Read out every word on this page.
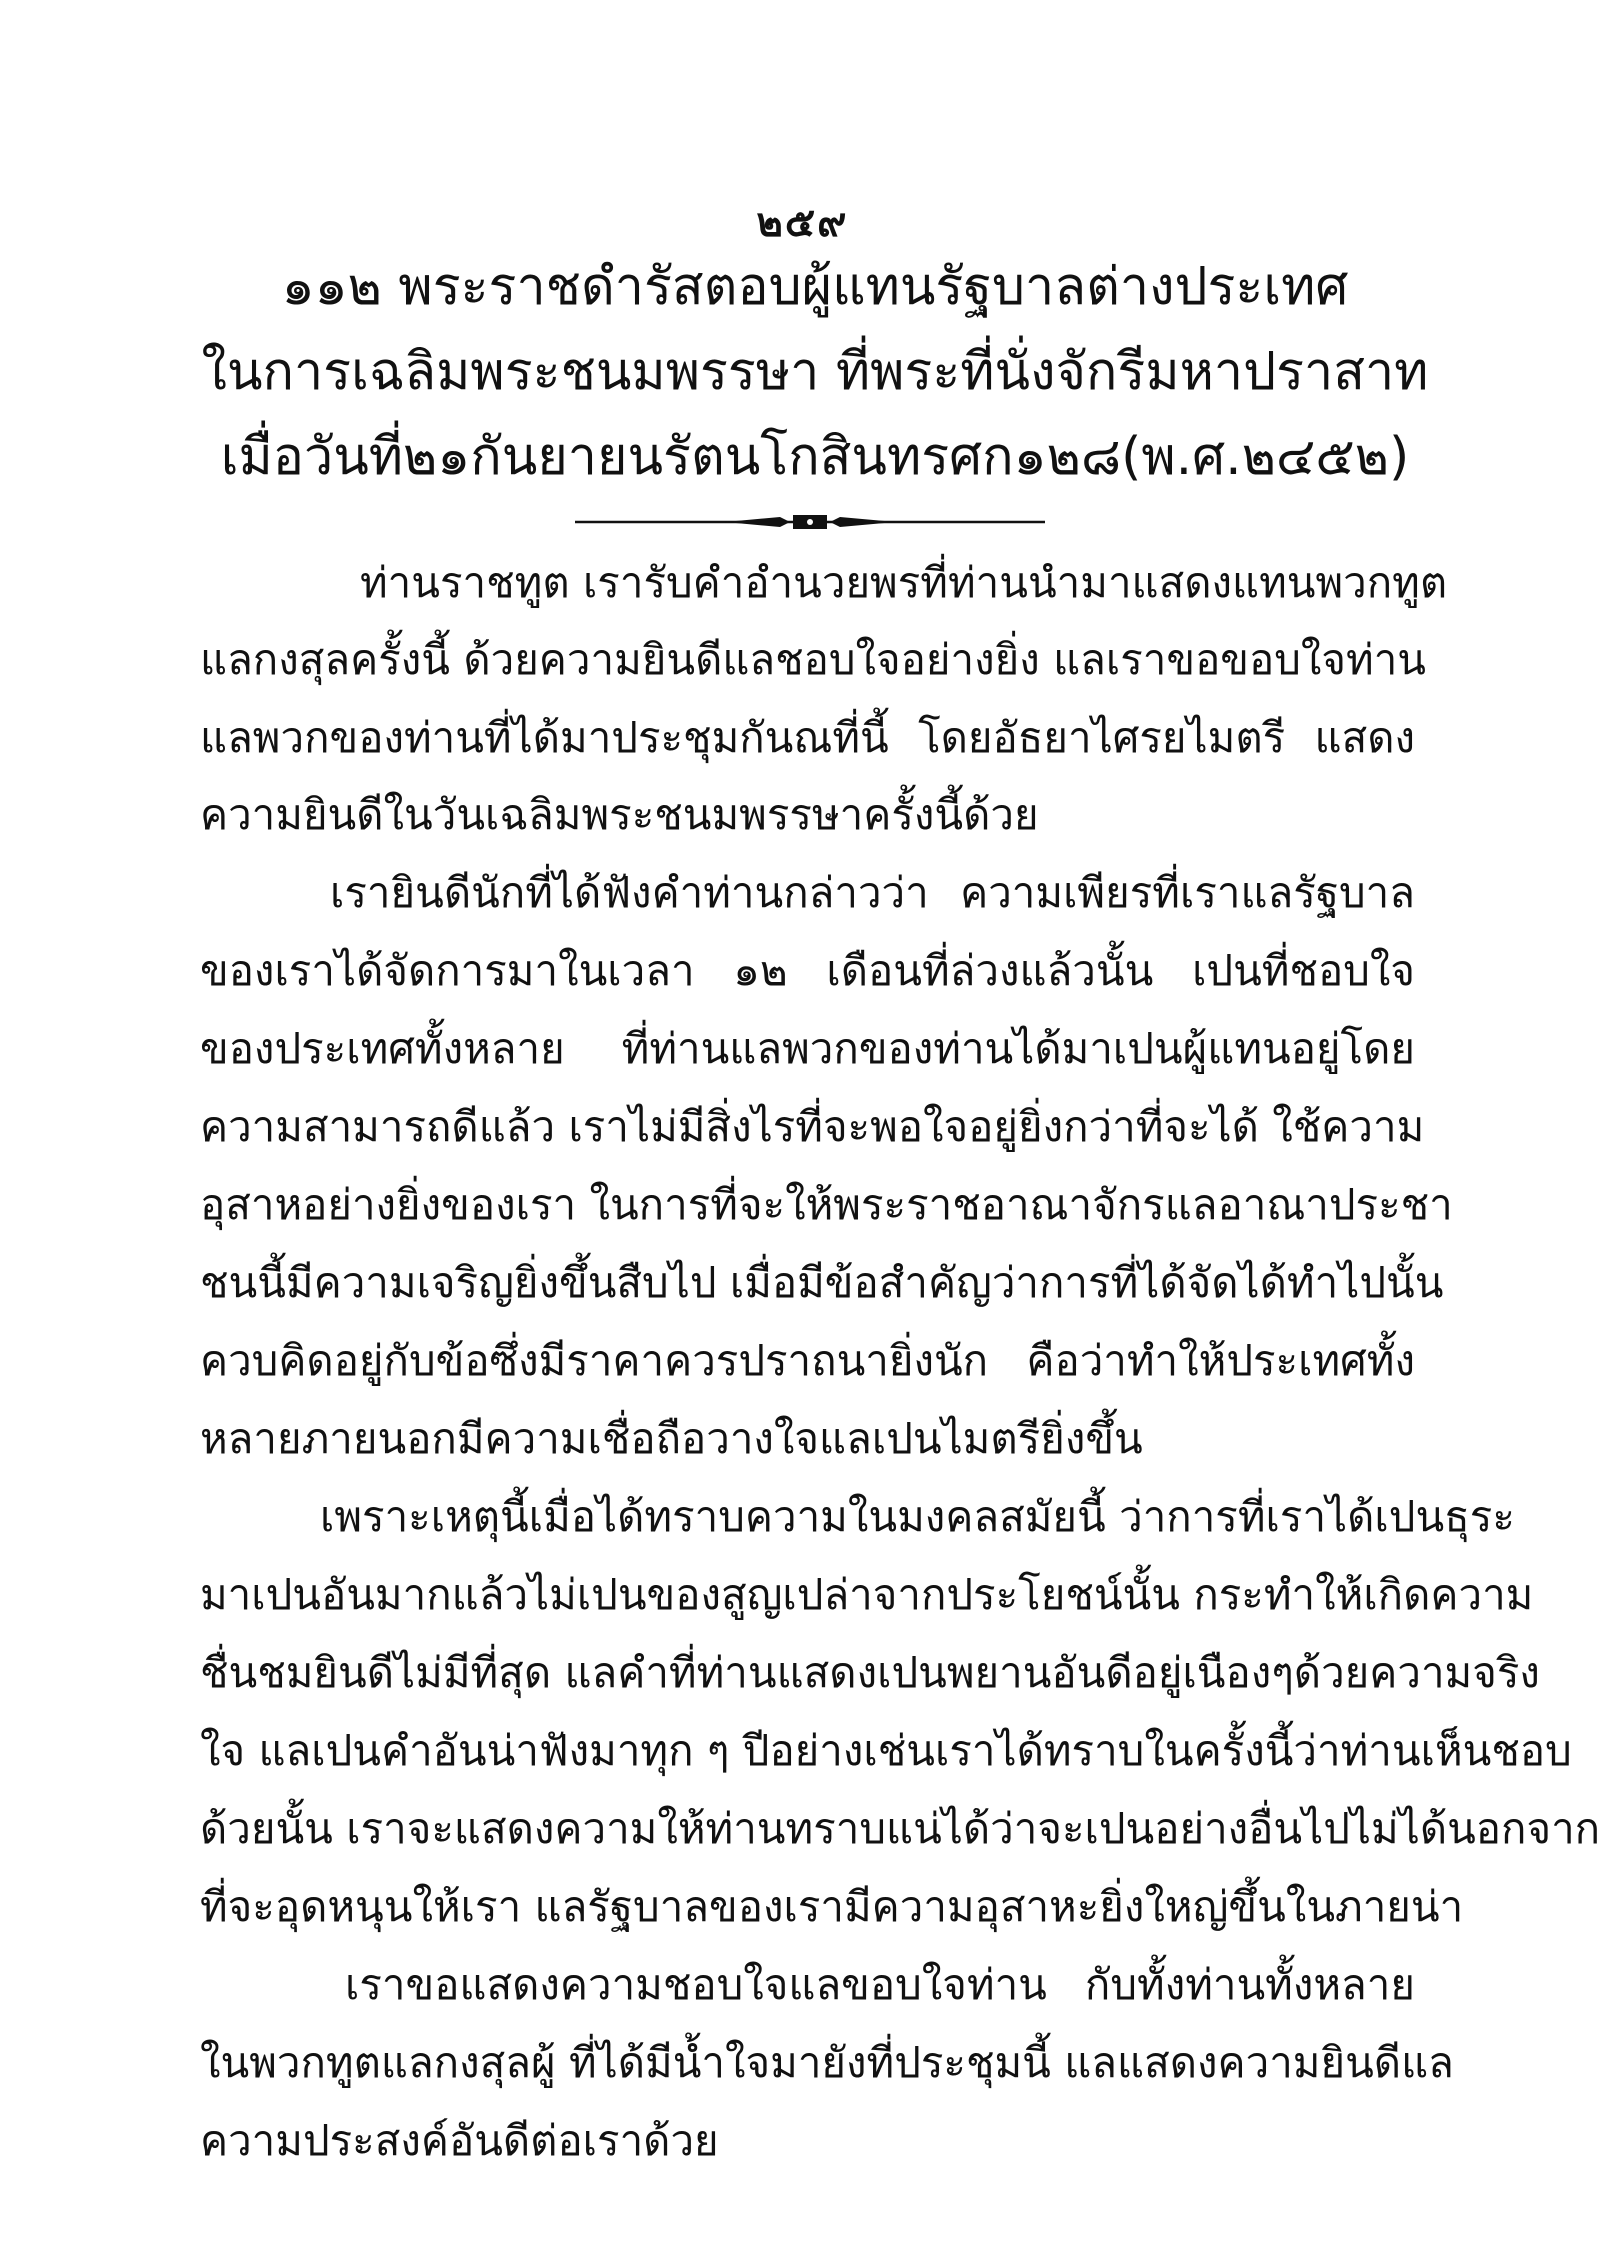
๒๕๙
๑๑๒ พระราชดำรัสตอบผู้แทนรัฐบาลต่างประเทศ
ในการเฉลิมพระชนมพรรษา ที่พระที่นั่งจักรีมหาปราสาท
เมื่อวันที่๒๑กันยายนรัตนโกสินทรศก๑๒๘(พ.ศ.๒๔๕๒)
ท่านราชทูต เรารับคำอำนวยพรที่ท่านนำมาแสดงแทนพวกทูต
แลกงสุลครั้งนี้ ด้วยความยินดีแลชอบใจอย่างยิ่ง แลเราขอขอบใจท่าน
แลพวกของท่านที่ได้มาประชุมกันณที่นี้ โดยอัธยาไศรยไมตรี แสดง
ความยินดีในวันเฉลิมพระชนมพรรษาครั้งนี้ด้วย
เรายินดีนักที่ได้ฟังคำท่านกล่าวว่า ความเพียรที่เราแลรัฐบาล
ของเราได้จัดการมาในเวลา ๑๒ เดือนที่ล่วงแล้วนั้น เปนที่ชอบใจ
ของประเทศทั้งหลาย ที่ท่านแลพวกของท่านได้มาเปนผู้แทนอยู่โดย
ความสามารถดีแล้ว เราไม่มีสิ่งไรที่จะพอใจอยู่ยิ่งกว่าที่จะได้ ใช้ความ
อุสาหอย่างยิ่งของเรา ในการที่จะให้พระราชอาณาจักรแลอาณาประชา
ชนนี้มีความเจริญยิ่งขึ้นสืบไป เมื่อมีข้อสำคัญว่าการที่ได้จัดได้ทำไปนั้น
ควบคิดอยู่กับข้อซึ่งมีราคาควรปราถนายิ่งนัก คือว่าทำให้ประเทศทั้ง
หลายภายนอกมีความเชื่อถือวางใจแลเปนไมตรียิ่งขึ้น
เพราะเหตุนี้เมื่อได้ทราบความในมงคลสมัยนี้ ว่าการที่เราได้เปนธุระ
มาเปนอันมากแล้วไม่เปนของสูญเปล่าจากประโยชน์นั้น กระทำให้เกิดความ
ชื่นชมยินดีไม่มีที่สุด แลคำที่ท่านแสดงเปนพยานอันดีอยู่เนืองๆด้วยความจริง
ใจ แลเปนคำอันน่าฟังมาทุก ๆ ปีอย่างเช่นเราได้ทราบในครั้งนี้ว่าท่านเห็นชอบ
ด้วยนั้น เราจะแสดงความให้ท่านทราบแน่ได้ว่าจะเปนอย่างอื่นไปไม่ได้นอกจาก
ที่จะอุดหนุนให้เรา แลรัฐบาลของเรามีความอุสาหะยิ่งใหญ่ขึ้นในภายน่า
เราขอแสดงความชอบใจแลขอบใจท่าน กับทั้งท่านทั้งหลาย
ในพวกทูตแลกงสุลผู้ ที่ได้มีน้ำใจมายังที่ประชุมนี้ แลแสดงความยินดีแล
ความประสงค์อันดีต่อเราด้วย
